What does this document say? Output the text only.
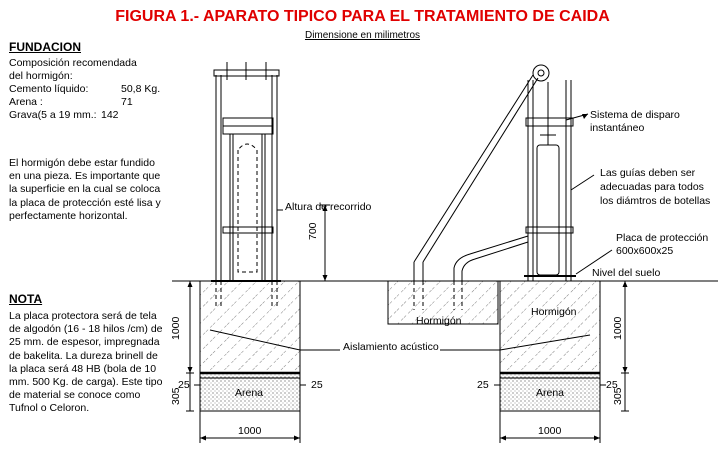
FIGURA 1.- APARATO TIPICO PARA EL TRATAMIENTO DE CAIDA
Dimensione en milimetros
FUNDACION
Composición recomendada
del hormigón:
Cemento líquido:	50,8 Kg.
Arena :	71
Grava(5 a 19 mm.: 142
El hormigón debe estar fundido en una pieza. Es importante que la superficie en la cual se coloca la placa de protección esté lisa y perfectamente horizontal.
NOTA
La placa protectora será de tela de algodón (16 - 18 hilos /cm) de 25 mm. de espesor, impregnada de bakelita. La dureza brinell de la placa será 48 HB (bola de 10 mm. 500 Kg. de carga). Este tipo de material se conoce como Tufnol o Celoron.
Altura de recorrido
Sistema de disparo
instantáneo
Las guías deben ser
adecuadas para todos
los diámtros de botellas
Placa de protección
600x600x25
Nivel del suelo
Hormigón
Hormigón
Aislamiento acústico
Arena	Arena
700
1000	1000
305	305
25	25	25	25
1000	1000
